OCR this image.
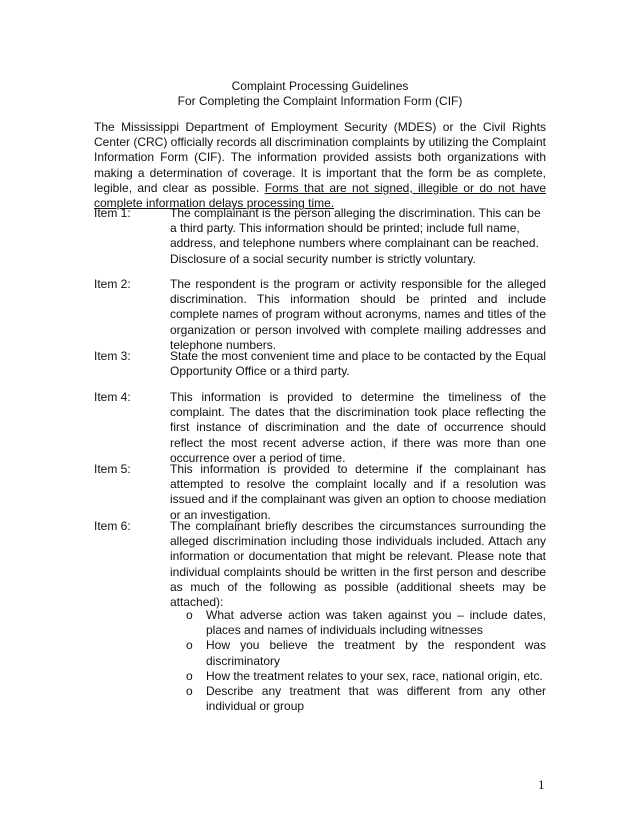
Complaint Processing Guidelines
For Completing the Complaint Information Form (CIF)
The Mississippi Department of Employment Security (MDES) or the Civil Rights Center (CRC) officially records all discrimination complaints by utilizing the Complaint Information Form (CIF). The information provided assists both organizations with making a determination of coverage. It is important that the form be as complete, legible, and clear as possible. Forms that are not signed, illegible or do not have complete information delays processing time.
Item 1:	The complainant is the person alleging the discrimination. This can be a third party. This information should be printed; include full name, address, and telephone numbers where complainant can be reached. Disclosure of a social security number is strictly voluntary.
Item 2:	The respondent is the program or activity responsible for the alleged discrimination. This information should be printed and include complete names of program without acronyms, names and titles of the organization or person involved with complete mailing addresses and telephone numbers.
Item 3:	State the most convenient time and place to be contacted by the Equal Opportunity Office or a third party.
Item 4:	This information is provided to determine the timeliness of the complaint. The dates that the discrimination took place reflecting the first instance of discrimination and the date of occurrence should reflect the most recent adverse action, if there was more than one occurrence over a period of time.
Item 5:	This information is provided to determine if the complainant has attempted to resolve the complaint locally and if a resolution was issued and if the complainant was given an option to choose mediation or an investigation.
Item 6:	The complainant briefly describes the circumstances surrounding the alleged discrimination including those individuals included. Attach any information or documentation that might be relevant. Please note that individual complaints should be written in the first person and describe as much of the following as possible (additional sheets may be attached):
o What adverse action was taken against you – include dates, places and names of individuals including witnesses
o How you believe the treatment by the respondent was discriminatory
o How the treatment relates to your sex, race, national origin, etc.
o Describe any treatment that was different from any other individual or group
1
